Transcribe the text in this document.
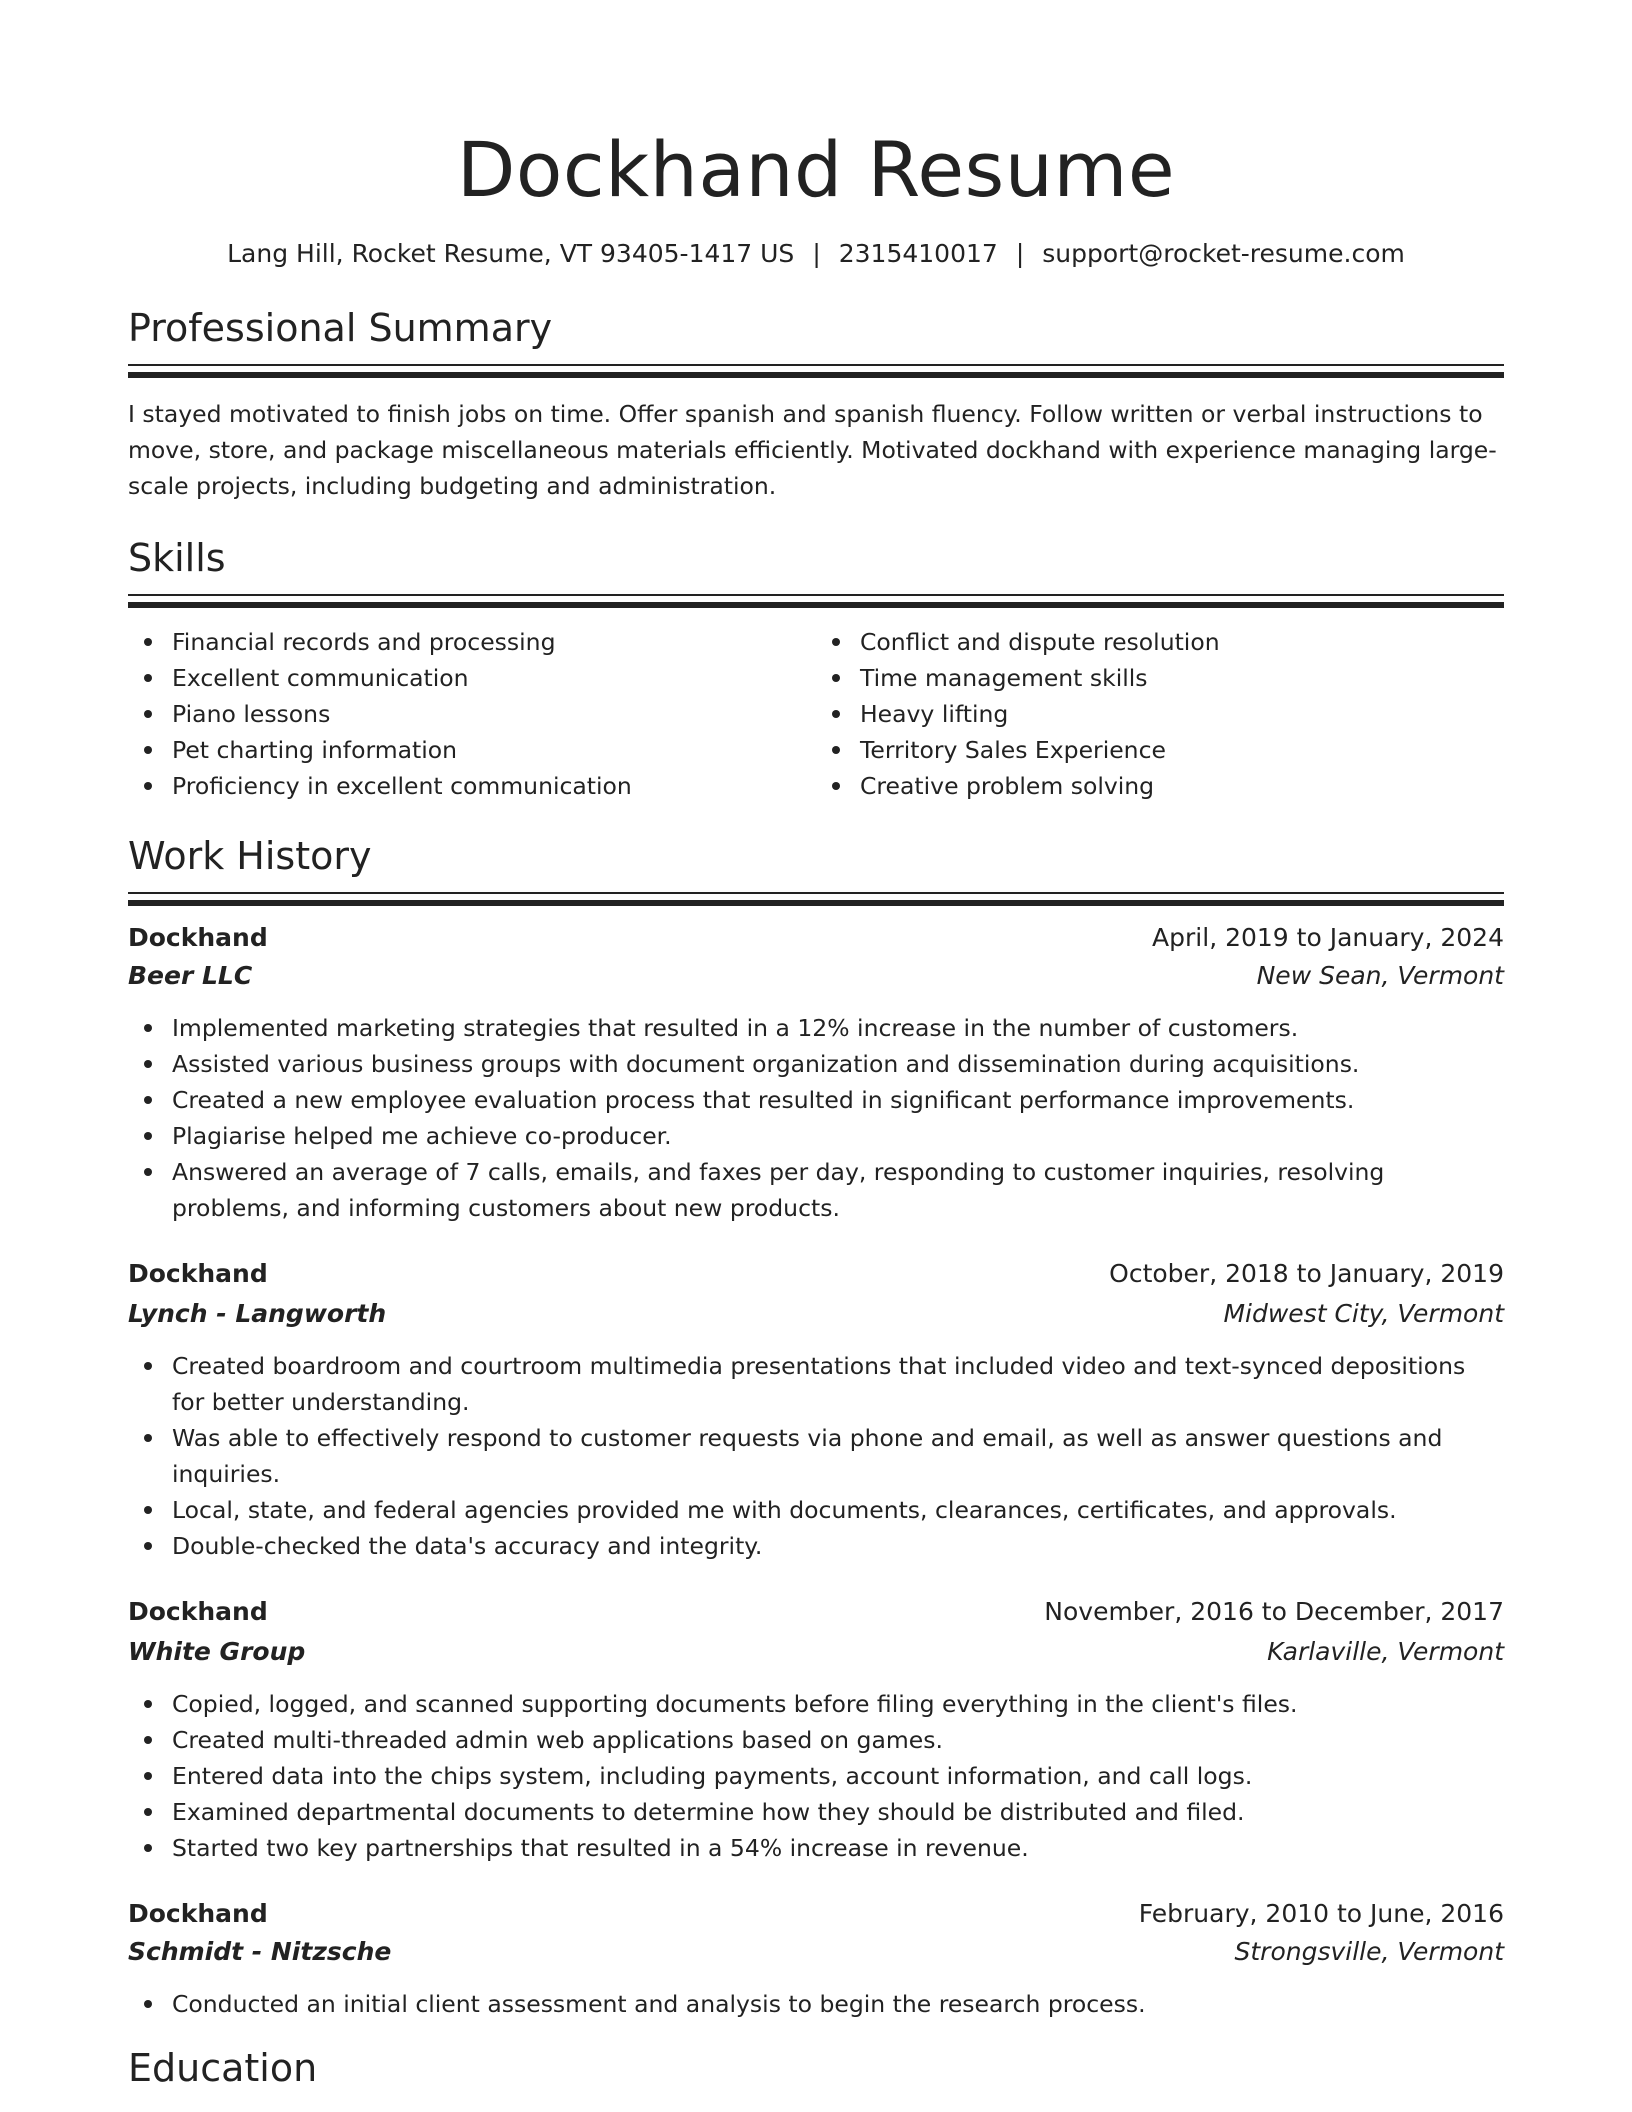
Dockhand Resume
Lang Hill, Rocket Resume, VT 93405-1417 US | 2315410017 | support@rocket-resume.com
Professional Summary

I stayed motivated to finish jobs on time. Offer spanish and spanish fluency. Follow written or verbal instructions to move, store, and package miscellaneous materials efficiently. Motivated dockhand with experience managing large-scale projects, including budgeting and administration.

Skills
Financial records and processing
Excellent communication
Piano lessons
Pet charting information
Proficiency in excellent communication
Conflict and dispute resolution
Time management skills
Heavy lifting
Territory Sales Experience
Creative problem solving
Work History
Dockhand	April, 2019 to January, 2024
Beer LLC	New Sean, Vermont
Implemented marketing strategies that resulted in a 12% increase in the number of customers.
Assisted various business groups with document organization and dissemination during acquisitions.
Created a new employee evaluation process that resulted in significant performance improvements.
Plagiarise helped me achieve co-producer.
Answered an average of 7 calls, emails, and faxes per day, responding to customer inquiries, resolving problems, and informing customers about new products.
Dockhand	October, 2018 to January, 2019
Lynch - Langworth	Midwest City, Vermont
Created boardroom and courtroom multimedia presentations that included video and text-synced depositions for better understanding.
Was able to effectively respond to customer requests via phone and email, as well as answer questions and inquiries.
Local, state, and federal agencies provided me with documents, clearances, certificates, and approvals.
Double-checked the data's accuracy and integrity.
Dockhand	November, 2016 to December, 2017
White Group	Karlaville, Vermont
Copied, logged, and scanned supporting documents before filing everything in the client's files.
Created multi-threaded admin web applications based on games.
Entered data into the chips system, including payments, account information, and call logs.
Examined departmental documents to determine how they should be distributed and filed.
Started two key partnerships that resulted in a 54% increase in revenue.
Dockhand	February, 2010 to June, 2016
Schmidt - Nitzsche	Strongsville, Vermont
Conducted an initial client assessment and analysis to begin the research process.
Education
